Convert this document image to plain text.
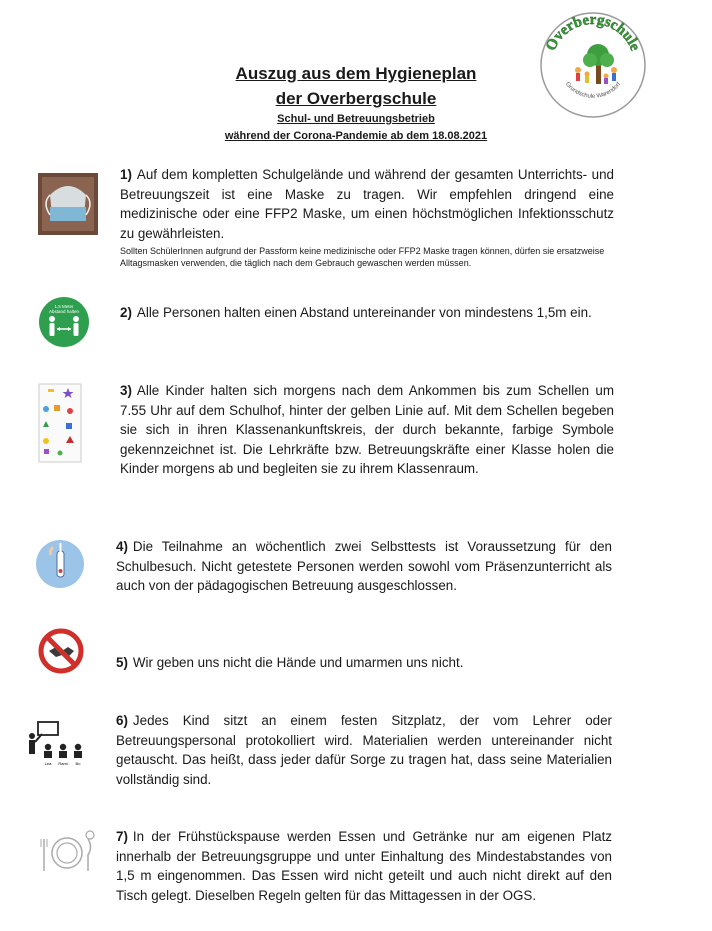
Auszug aus dem Hygieneplan
der Overbergschule
Schul- und Betreuungsbetrieb
während der Corona-Pandemie ab dem 18.08.2021
Overbergschule
Grundschule Warendorf
1,5 Meter
Abstand halten
Lea Rami Bo
1) Auf dem kompletten Schulgelände und während der gesamten Unterrichts- und Betreuungszeit ist eine Maske zu tragen. Wir empfehlen dringend eine medizinische oder eine FFP2 Maske, um einen höchstmöglichen Infektionsschutz zu gewährleisten.
Sollten SchülerInnen aufgrund der Passform keine medizinische oder FFP2 Maske tragen können, dürfen sie ersatzweise Alltagsmasken verwenden, die täglich nach dem Gebrauch gewaschen werden müssen.
2) Alle Personen halten einen Abstand untereinander von mindestens 1,5m ein.
3) Alle Kinder halten sich morgens nach dem Ankommen bis zum Schellen um 7.55 Uhr auf dem Schulhof, hinter der gelben Linie auf. Mit dem Schellen begeben sie sich in ihren Klassenankunftskreis, der durch bekannte, farbige Symbole gekennzeichnet ist. Die Lehrkräfte bzw. Betreuungskräfte einer Klasse holen die Kinder morgens ab und begleiten sie zu ihrem Klassenraum.
4) Die Teilnahme an wöchentlich zwei Selbsttests ist Voraussetzung für den Schulbesuch. Nicht getestete Personen werden sowohl vom Präsenzunterricht als auch von der pädagogischen Betreuung ausgeschlossen.
5) Wir geben uns nicht die Hände und umarmen uns nicht.
6) Jedes Kind sitzt an einem festen Sitzplatz, der vom Lehrer oder Betreuungspersonal protokolliert wird. Materialien werden untereinander nicht getauscht. Das heißt, dass jeder dafür Sorge zu tragen hat, dass seine Materialien vollständig sind.
7) In der Frühstückspause werden Essen und Getränke nur am eigenen Platz innerhalb der Betreuungsgruppe und unter Einhaltung des Mindestabstandes von 1,5 m eingenommen. Das Essen wird nicht geteilt und auch nicht direkt auf den Tisch gelegt. Dieselben Regeln gelten für das Mittagessen in der OGS.
